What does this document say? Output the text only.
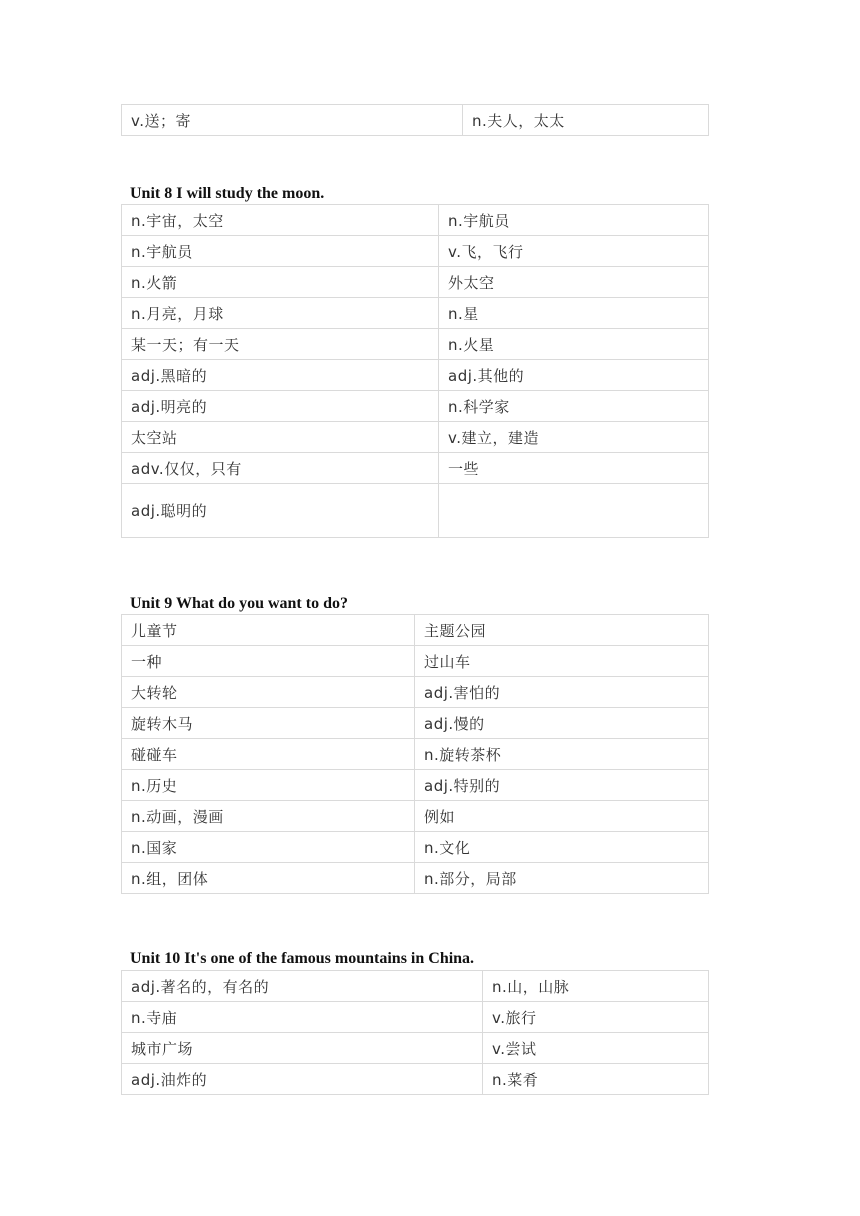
v.送；寄	n.夫人，太太
Unit 8 I will study the moon.
n.宇宙，太空	n.宇航员
n.宇航员	v.飞，飞行
n.火箭	外太空
n.月亮，月球	n.星
某一天；有一天	n.火星
adj.黑暗的	adj.其他的
adj.明亮的	n.科学家
太空站	v.建立，建造
adv.仅仅，只有	一些
adj.聪明的	
Unit 9 What do you want to do?
儿童节	主题公园
一种	过山车
大转轮	adj.害怕的
旋转木马	adj.慢的
碰碰车	n.旋转茶杯
n.历史	adj.特别的
n.动画，漫画	例如
n.国家	n.文化
n.组，团体	n.部分，局部
Unit 10 It's one of the famous mountains in China.
adj.著名的，有名的	n.山，山脉
n.寺庙	v.旅行
城市广场	v.尝试
adj.油炸的	n.菜肴
